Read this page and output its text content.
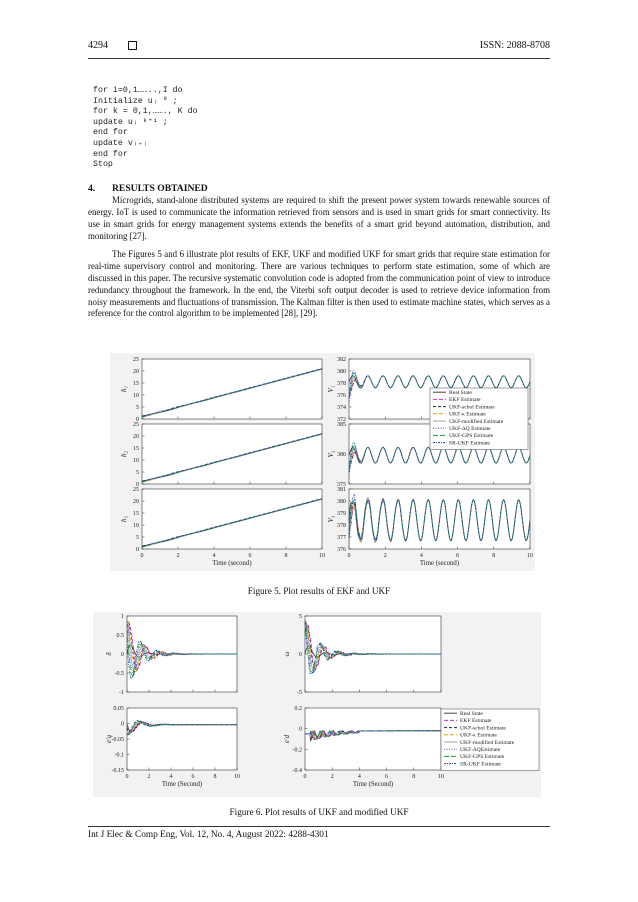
4294	ISSN: 2088-8708
for i=0,1……..,I do
Initialize uᵢ ⁰ ;
for k = 0,1,……., K do
update uᵢ ᵏ⁺¹ ;
end for
update vᵢ₊ᵢ
end for
Stop
4. RESULTS OBTAINED

Microgrids, stand-alone distributed systems are required to shift the present power system towards renewable sources of energy. IoT is used to communicate the information retrieved from sensors and is used in smart grids for smart connectivity. Its use in smart grids for energy management systems extends the benefits of a smart grid beyond automation, distribution, and monitoring [27].

The Figures 5 and 6 illustrate plot results of EKF, UKF and modified UKF for smart grids that require state estimation for real-time supervisory control and monitoring. There are various techniques to perform state estimation, some of which are discussed in this paper. The recursive systematic convolution code is adopted from the communication point of view to introduce redundancy throughout the framework. In the end, the Viterbi soft output decoder is used to retrieve device information from noisy measurements and fluctuations of transmission. The Kalman filter is then used to estimate machine states, which serves as a reference for the control algorithm to be implemented [28], [29].

0
5
10
15
20
25
h₁
0
5
10
15
20
25
h₂
0
5
10
15
20
25
0	2	4	6	8	10
h₃
Time (second)
372
374
376
378
380
382
V₁
375
380
385
V₂
376
377
378
379
380
381
0	2	4	6	8	10
V₃
Time (second)
Real State
EKF Estimate
UKF-schol Estimate
UKF-κ Estimate
UKF-modified Estimate
UKF-ΔQ Estimate
UKF-GPS Estimate
SR-UKF Estimate
Figure 5. Plot results of EKF and UKF
-1
-0.5
0
0.5
1
δ
-0.15
-0.1
-0.05
0
0.05
0	2	4	6	8	10
e′q
Time (Second)
-5
0
5
ω
-0.4
-0.2
0
0.2
0	2	4	6	8	10
e′d
Time (Second)
Real State
EKF Estimate
UKF-schol Estimate
UKF-κ Estimate
UKF-modified Estimate
UKF-ΔQEstimate
UKF-GPS Estimate
SR-UKF Estimate
Figure 6. Plot results of UKF and modified UKF
Int J Elec & Comp Eng, Vol. 12, No. 4, August 2022: 4288-4301
